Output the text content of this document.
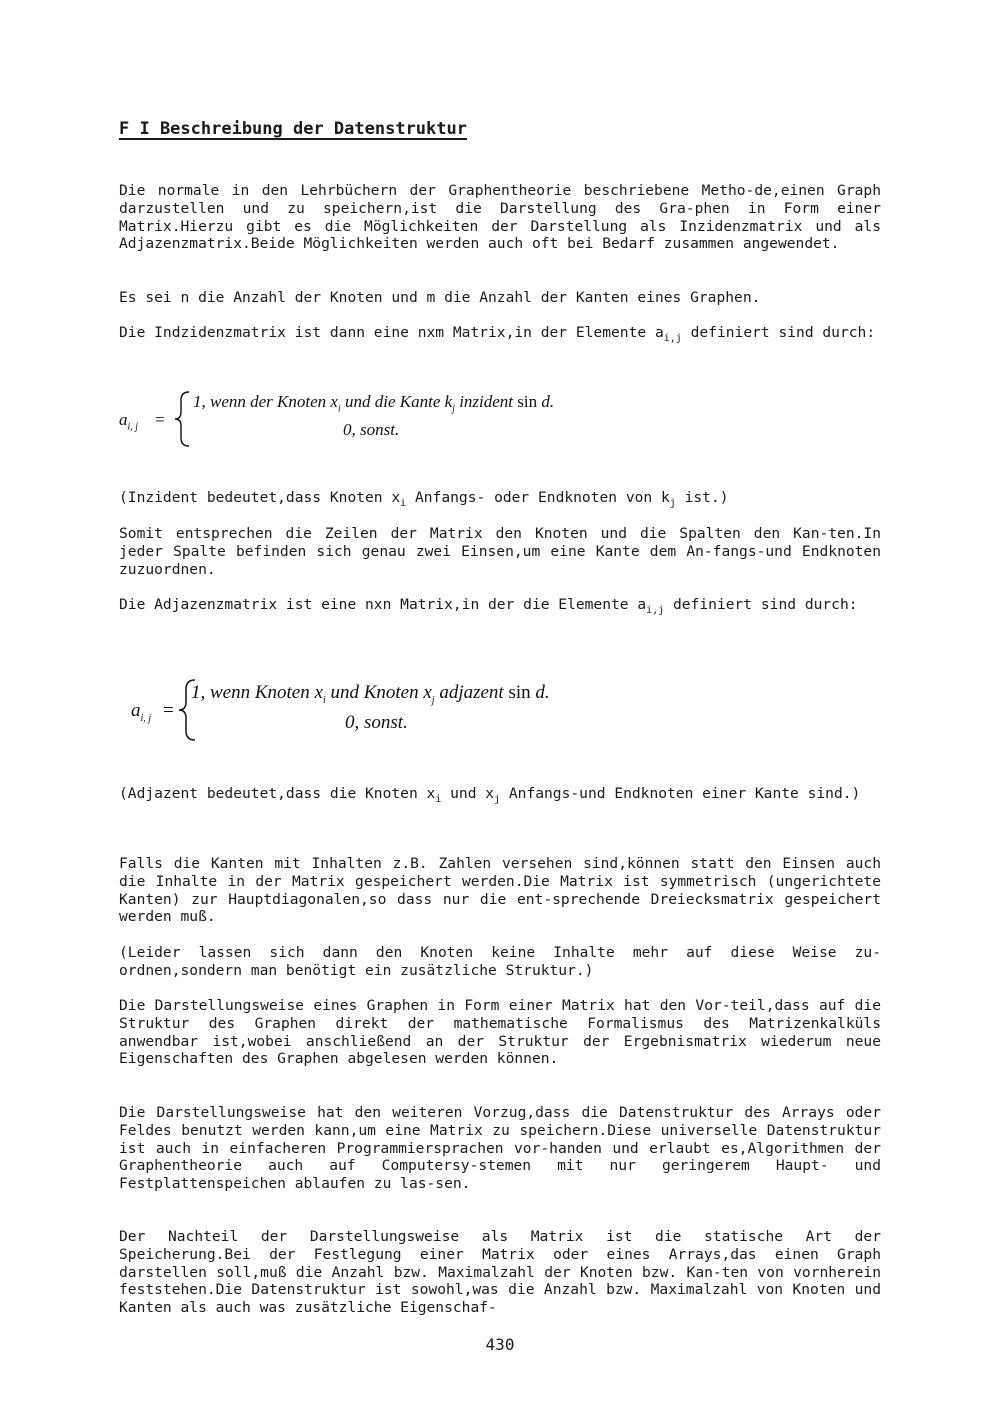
F I Beschreibung der Datenstruktur

Die normale in den Lehrbüchern der Graphentheorie beschriebene Metho-de,einen Graph darzustellen und zu speichern,ist die Darstellung des Gra-phen in Form einer Matrix.Hierzu gibt es die Möglichkeiten der Darstellung als Inzidenzmatrix und als Adjazenzmatrix.Beide Möglichkeiten werden auch oft bei Bedarf zusammen angewendet.

Es sei n die Anzahl der Knoten und m die Anzahl der Kanten eines Graphen.

Die Indzidenzmatrix ist dann eine nxm Matrix,in der Elemente $a_{i,j}$ definiert sind durch:

$a_{i, j}$ =
1, wenn der Knoten $x_i$ und die Kante $k_j$ inzident sin d.
0, sonst.

(Inzident bedeutet,dass Knoten $x_i$ Anfangs- oder Endknoten von $k_j$ ist.)

Somit entsprechen die Zeilen der Matrix den Knoten und die Spalten den Kan-ten.In jeder Spalte befinden sich genau zwei Einsen,um eine Kante dem An-fangs-und Endknoten zuzuordnen.

Die Adjazenzmatrix ist eine nxn Matrix,in der die Elemente $a_{i,j}$ definiert sind durch:

$a_{i, j}$ =
1, wenn Knoten $x_i$ und Knoten $x_j$ adjazent sin d.
0, sonst.

(Adjazent bedeutet,dass die Knoten $x_i$ und $x_j$ Anfangs-und Endknoten einer Kante sind.)

Falls die Kanten mit Inhalten z.B. Zahlen versehen sind,können statt den Einsen auch die Inhalte in der Matrix gespeichert werden.Die Matrix ist symmetrisch (ungerichtete Kanten) zur Hauptdiagonalen,so dass nur die ent-sprechende Dreiecksmatrix gespeichert werden muß.

(Leider lassen sich dann den Knoten keine Inhalte mehr auf diese Weise zu-ordnen,sondern man benötigt ein zusätzliche Struktur.)

Die Darstellungsweise eines Graphen in Form einer Matrix hat den Vor-teil,dass auf die Struktur des Graphen direkt der mathematische Formalismus des Matrizenkalküls anwendbar ist,wobei anschließend an der Struktur der Ergebnismatrix wiederum neue Eigenschaften des Graphen abgelesen werden können.

Die Darstellungsweise hat den weiteren Vorzug,dass die Datenstruktur des Arrays oder Feldes benutzt werden kann,um eine Matrix zu speichern.Diese universelle Datenstruktur ist auch in einfacheren Programmiersprachen vor-handen und erlaubt es,Algorithmen der Graphentheorie auch auf Computersy-stemen mit nur geringerem Haupt- und Festplattenspeichen ablaufen zu las-sen.

Der Nachteil der Darstellungsweise als Matrix ist die statische Art der Speicherung.Bei der Festlegung einer Matrix oder eines Arrays,das einen Graph darstellen soll,muß die Anzahl bzw. Maximalzahl der Knoten bzw. Kan-ten von vornherein feststehen.Die Datenstruktur ist sowohl,was die Anzahl bzw. Maximalzahl von Knoten und Kanten als auch was zusätzliche Eigenschaf-

430
